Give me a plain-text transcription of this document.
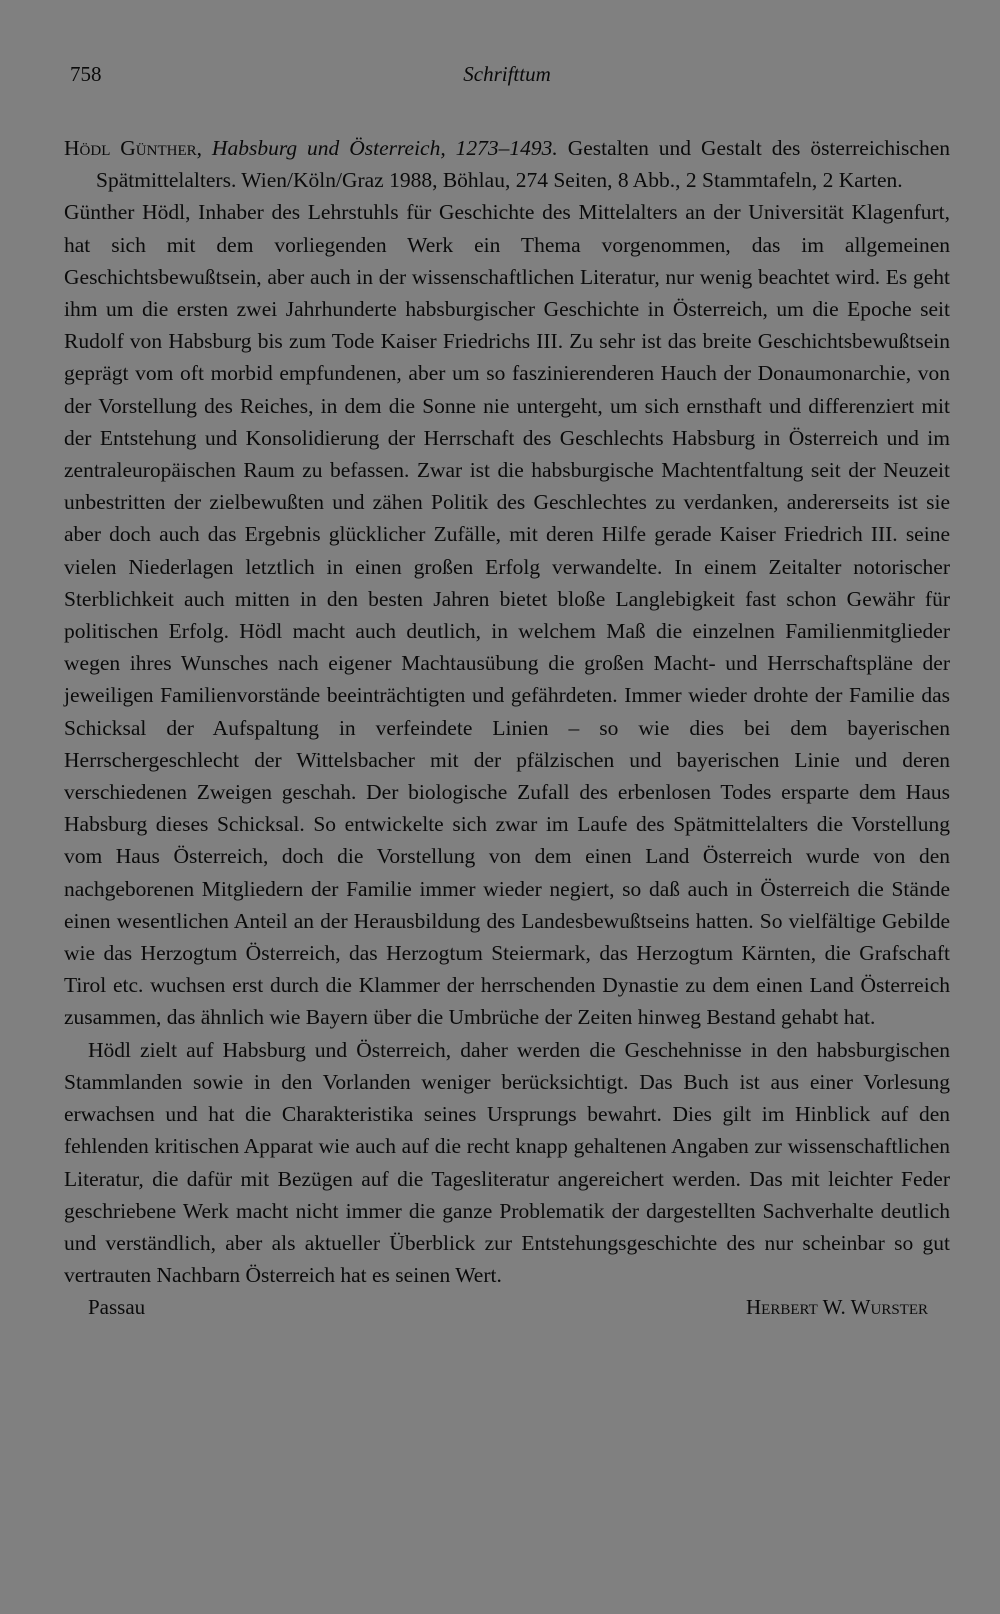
758	Schrifttum

Hödl Günther, Habsburg und Österreich, 1273–1493. Gestalten und Gestalt des österreichischen Spätmittelalters. Wien/Köln/Graz 1988, Böhlau, 274 Seiten, 8 Abb., 2 Stammtafeln, 2 Karten.

Günther Hödl, Inhaber des Lehrstuhls für Geschichte des Mittelalters an der Universität Klagenfurt, hat sich mit dem vorliegenden Werk ein Thema vorgenommen, das im allgemeinen Geschichtsbewußtsein, aber auch in der wissenschaftlichen Literatur, nur wenig beachtet wird. Es geht ihm um die ersten zwei Jahrhunderte habsburgischer Geschichte in Österreich, um die Epoche seit Rudolf von Habsburg bis zum Tode Kaiser Friedrichs III. Zu sehr ist das breite Geschichtsbewußtsein geprägt vom oft morbid empfundenen, aber um so faszinierenderen Hauch der Donaumonarchie, von der Vorstellung des Reiches, in dem die Sonne nie untergeht, um sich ernsthaft und differenziert mit der Entstehung und Konsolidierung der Herrschaft des Geschlechts Habsburg in Österreich und im zentraleuropäischen Raum zu befassen. Zwar ist die habsburgische Machtentfaltung seit der Neuzeit unbestritten der zielbewußten und zähen Politik des Geschlechtes zu verdanken, andererseits ist sie aber doch auch das Ergebnis glücklicher Zufälle, mit deren Hilfe gerade Kaiser Friedrich III. seine vielen Niederlagen letztlich in einen großen Erfolg verwandelte. In einem Zeitalter notorischer Sterblichkeit auch mitten in den besten Jahren bietet bloße Langlebigkeit fast schon Gewähr für politischen Erfolg. Hödl macht auch deutlich, in welchem Maß die einzelnen Familienmitglieder wegen ihres Wunsches nach eigener Machtausübung die großen Macht- und Herrschaftspläne der jeweiligen Familienvorstände beeinträchtigten und gefährdeten. Immer wieder drohte der Familie das Schicksal der Aufspaltung in verfeindete Linien – so wie dies bei dem bayerischen Herrschergeschlecht der Wittelsbacher mit der pfälzischen und bayerischen Linie und deren verschiedenen Zweigen geschah. Der biologische Zufall des erbenlosen Todes ersparte dem Haus Habsburg dieses Schicksal. So entwickelte sich zwar im Laufe des Spätmittelalters die Vorstellung vom Haus Österreich, doch die Vorstellung von dem einen Land Österreich wurde von den nachgeborenen Mitgliedern der Familie immer wieder negiert, so daß auch in Österreich die Stände einen wesentlichen Anteil an der Herausbildung des Landesbewußtseins hatten. So vielfältige Gebilde wie das Herzogtum Österreich, das Herzogtum Steiermark, das Herzogtum Kärnten, die Grafschaft Tirol etc. wuchsen erst durch die Klammer der herrschenden Dynastie zu dem einen Land Österreich zusammen, das ähnlich wie Bayern über die Umbrüche der Zeiten hinweg Bestand gehabt hat.

Hödl zielt auf Habsburg und Österreich, daher werden die Geschehnisse in den habsburgischen Stammlanden sowie in den Vorlanden weniger berücksichtigt. Das Buch ist aus einer Vorlesung erwachsen und hat die Charakteristika seines Ursprungs bewahrt. Dies gilt im Hinblick auf den fehlenden kritischen Apparat wie auch auf die recht knapp gehaltenen Angaben zur wissenschaftlichen Literatur, die dafür mit Bezügen auf die Tagesliteratur angereichert werden. Das mit leichter Feder geschriebene Werk macht nicht immer die ganze Problematik der dargestellten Sachverhalte deutlich und verständlich, aber als aktueller Überblick zur Entstehungsgeschichte des nur scheinbar so gut vertrauten Nachbarn Österreich hat es seinen Wert.

Passau	Herbert W. Wurster
